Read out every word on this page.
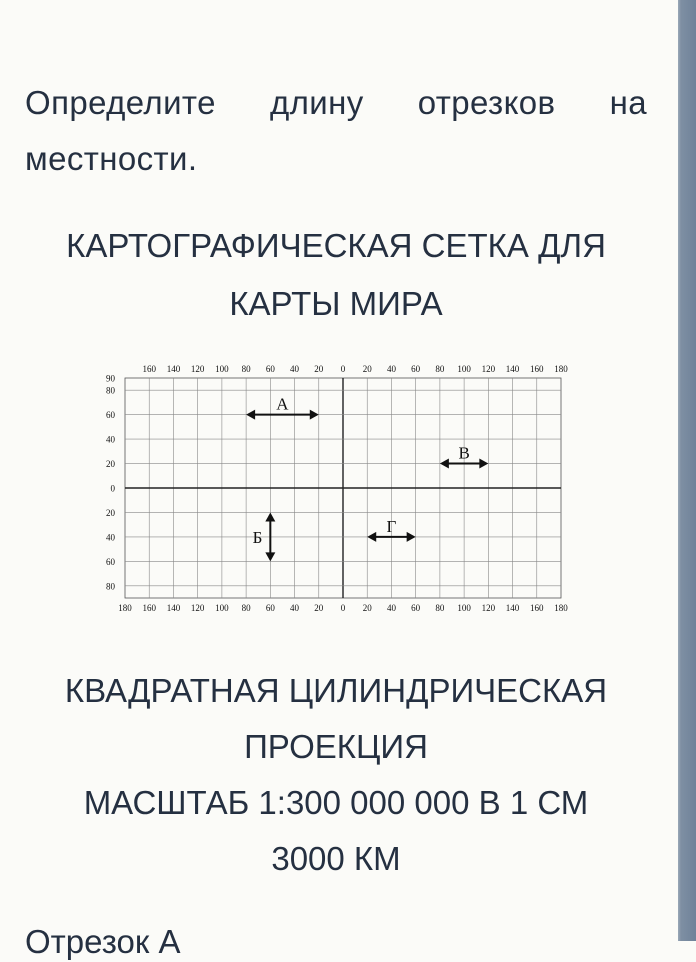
Определите длину отрезков на местности.
КАРТОГРАФИЧЕСКАЯ СЕТКА ДЛЯ КАРТЫ МИРА
160 140 120 100 80 60 40 20 0 20 40 60 80 100 120 140 160 180
180 160 140 120 100 80 60 40 20 0 20 40 60 80 100 120 140 160 180
90
80
60
40
20
0
20
40
60
80
А
Б
В
Г
КВАДРАТНАЯ ЦИЛИНДРИЧЕСКАЯ
ПРОЕКЦИЯ
МАСШТАБ 1:300 000 000 В 1 СМ
3000 КМ
Отрезок А
